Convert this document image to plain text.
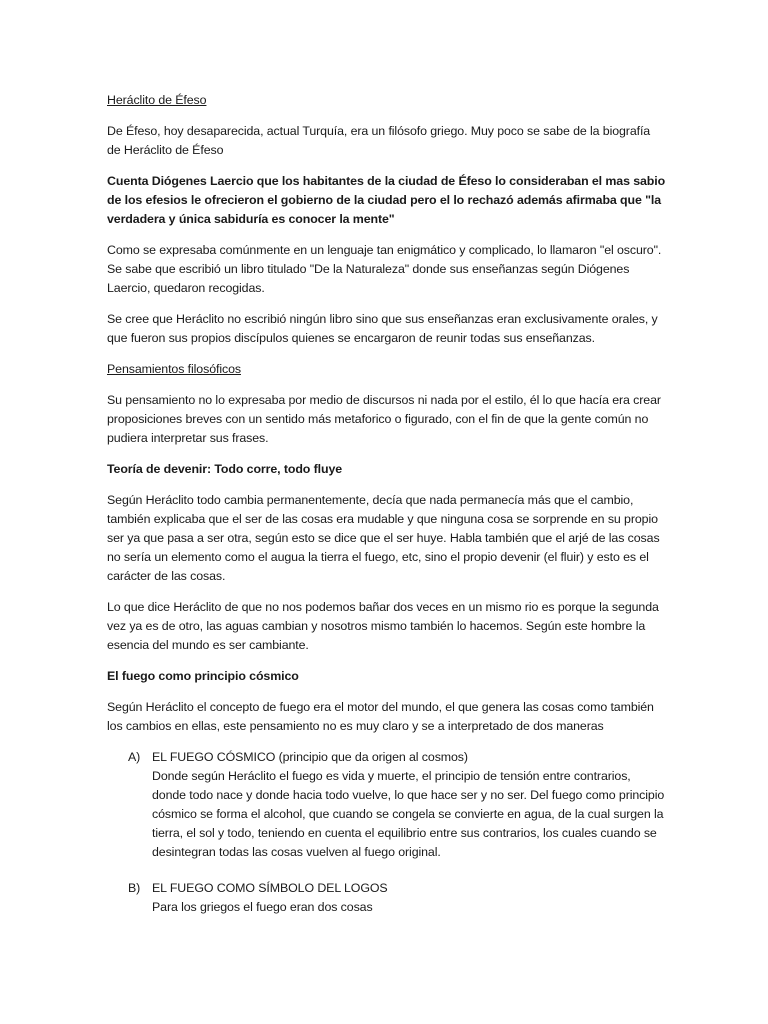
Heráclito de Éfeso

De Éfeso, hoy desaparecida, actual Turquía, era un filósofo griego. Muy poco se sabe de la biografía de Heráclito de Éfeso

Cuenta Diógenes Laercio que los habitantes de la ciudad de Éfeso lo consideraban el mas sabio de los efesios le ofrecieron el gobierno de la ciudad pero el lo rechazó además afirmaba que "la verdadera y única sabiduría es conocer la mente"

Como se expresaba comúnmente en un lenguaje tan enigmático y complicado, lo llamaron "el oscuro". Se sabe que escribió un libro titulado "De la Naturaleza" donde sus enseñanzas según Diógenes Laercio, quedaron recogidas.

Se cree que Heráclito no escribió ningún libro sino que sus enseñanzas eran exclusivamente orales, y que fueron sus propios discípulos quienes se encargaron de reunir todas sus enseñanzas.

Pensamientos filosóficos

Su pensamiento no lo expresaba por medio de discursos ni nada por el estilo, él lo que hacía era crear proposiciones breves con un sentido más metaforico o figurado, con el fin de que la gente común no pudiera interpretar sus frases.

Teoría de devenir: Todo corre, todo fluye

Según Heráclito todo cambia permanentemente, decía que nada permanecía más que el cambio, también explicaba que el ser de las cosas era mudable y que ninguna cosa se sorprende en su propio ser ya que pasa a ser otra, según esto se dice que el ser huye. Habla también que el arjé de las cosas no sería un elemento como el augua la tierra el fuego, etc, sino el propio devenir (el fluir) y esto es el carácter de las cosas.

Lo que dice Heráclito de que no nos podemos bañar dos veces en un mismo rio es porque la segunda vez ya es de otro, las aguas cambian y nosotros mismo también lo hacemos. Según este hombre la esencia del mundo es ser cambiante.

El fuego como principio cósmico

Según Heráclito el concepto de fuego era el motor del mundo, el que genera las cosas como también los cambios en ellas, este pensamiento no es muy claro y se a interpretado de dos maneras

A) EL FUEGO CÓSMICO (principio que da origen al cosmos)
Donde según Heráclito el fuego es vida y muerte, el principio de tensión entre contrarios, donde todo nace y donde hacia todo vuelve, lo que hace ser y no ser. Del fuego como principio cósmico se forma el alcohol, que cuando se congela se convierte en agua, de la cual surgen la tierra, el sol y todo, teniendo en cuenta el equilibrio entre sus contrarios, los cuales cuando se desintegran todas las cosas vuelven al fuego original.
B) EL FUEGO COMO SÍMBOLO DEL LOGOS
Para los griegos el fuego eran dos cosas
